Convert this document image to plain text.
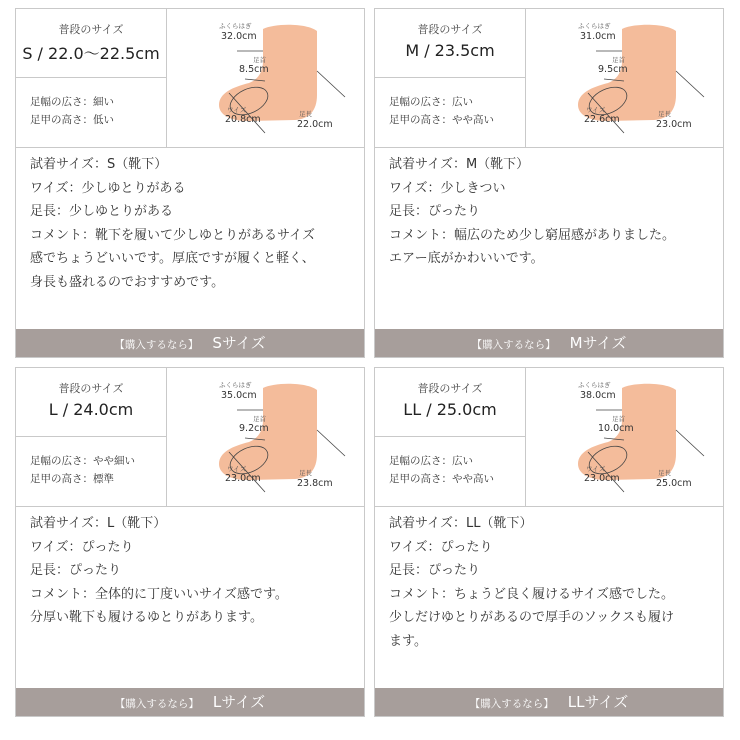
普段のサイズ
S / 22.0〜22.5cm
足幅の広さ：細い
足甲の高さ：低い
ふくらはぎ
32.0cm
足首
8.5cm
ワイズ
20.8cm	足長
22.0cm
試着サイズ：S（靴下）
ワイズ：少しゆとりがある
足長：少しゆとりがある
コメント：靴下を履いて少しゆとりがあるサイズ
感でちょうどいいです。厚底ですが履くと軽く、
身長も盛れるのでおすすめです。
【購入するなら】 Sサイズ
普段のサイズ
M / 23.5cm
足幅の広さ：広い
足甲の高さ：やや高い
ふくらはぎ
31.0cm
足首
9.5cm
ワイズ
22.6cm	足長
23.0cm
試着サイズ：M（靴下）
ワイズ：少しきつい
足長：ぴったり
コメント：幅広のため少し窮屈感がありました。
エアー底がかわいいです。
【購入するなら】 Mサイズ
普段のサイズ
L / 24.0cm
足幅の広さ：やや細い
足甲の高さ：標準
ふくらはぎ
35.0cm
足首
9.2cm
ワイズ
23.0cm	足長
23.8cm
試着サイズ：L（靴下）
ワイズ：ぴったり
足長：ぴったり
コメント：全体的に丁度いいサイズ感です。
分厚い靴下も履けるゆとりがあります。
【購入するなら】 Lサイズ
普段のサイズ
LL / 25.0cm
足幅の広さ：広い
足甲の高さ：やや高い
ふくらはぎ
38.0cm
足首
10.0cm
ワイズ
23.0cm	足長
25.0cm
試着サイズ：LL（靴下）
ワイズ：ぴったり
足長：ぴったり
コメント：ちょうど良く履けるサイズ感でした。
少しだけゆとりがあるので厚手のソックスも履け
ます。
【購入するなら】 LLサイズ
